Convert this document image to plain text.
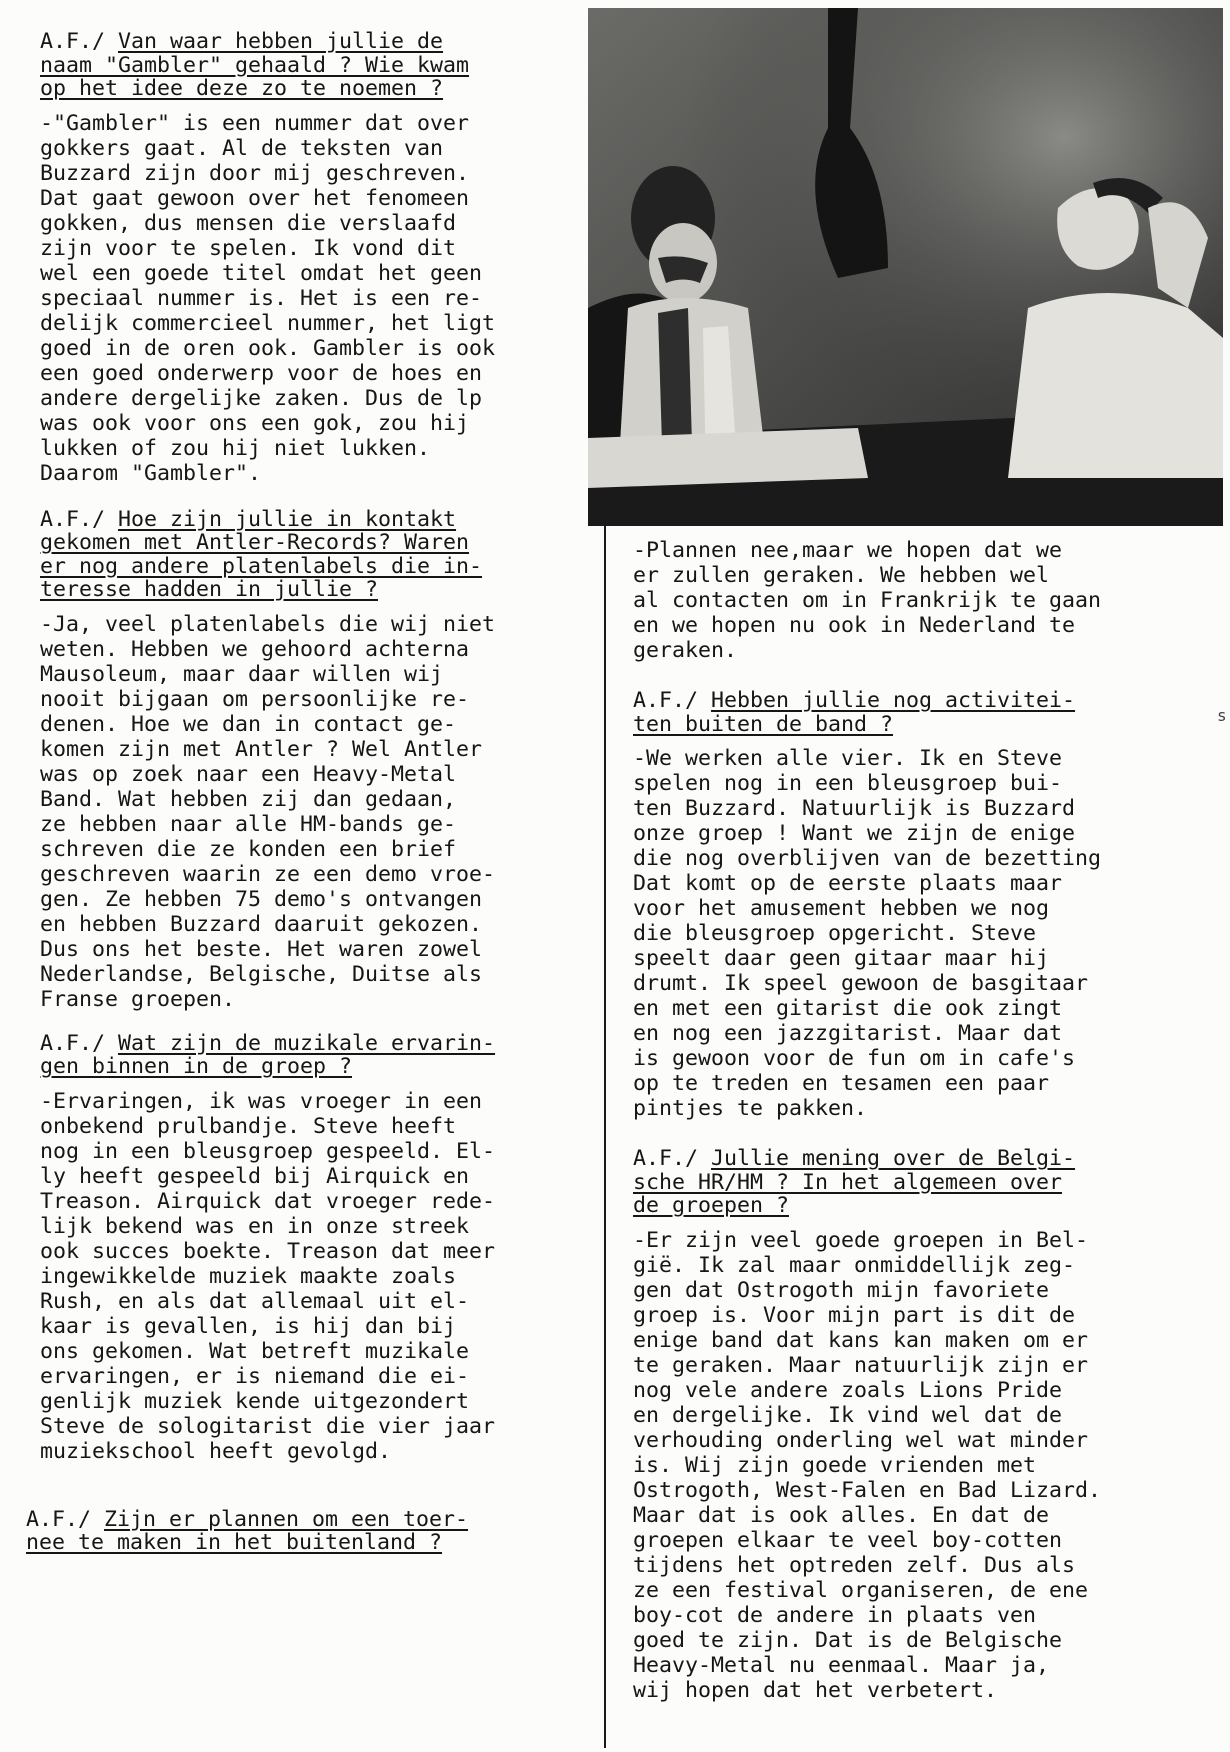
s
A.F./ Van waar hebben jullie de
naam "Gambler" gehaald ? Wie kwam
op het idee deze zo te noemen ?
-"Gambler" is een nummer dat over
gokkers gaat. Al de teksten van
Buzzard zijn door mij geschreven.
Dat gaat gewoon over het fenomeen
gokken, dus mensen die verslaafd
zijn voor te spelen. Ik vond dit
wel een goede titel omdat het geen
speciaal nummer is. Het is een re-
delijk commercieel nummer, het ligt
goed in de oren ook. Gambler is ook
een goed onderwerp voor de hoes en
andere dergelijke zaken. Dus de lp
was ook voor ons een gok, zou hij
lukken of zou hij niet lukken.
Daarom "Gambler".
A.F./ Hoe zijn jullie in kontakt
gekomen met Antler-Records? Waren
er nog andere platenlabels die in-
teresse hadden in jullie ?
-Ja, veel platenlabels die wij niet
weten. Hebben we gehoord achterna
Mausoleum, maar daar willen wij
nooit bijgaan om persoonlijke re-
denen. Hoe we dan in contact ge-
komen zijn met Antler ? Wel Antler
was op zoek naar een Heavy-Metal
Band. Wat hebben zij dan gedaan,
ze hebben naar alle HM-bands ge-
schreven die ze konden een brief
geschreven waarin ze een demo vroe-
gen. Ze hebben 75 demo's ontvangen
en hebben Buzzard daaruit gekozen.
Dus ons het beste. Het waren zowel
Nederlandse, Belgische, Duitse als
Franse groepen.
A.F./ Wat zijn de muzikale ervarin-
gen binnen in de groep ?
-Ervaringen, ik was vroeger in een
onbekend prulbandje. Steve heeft
nog in een bleusgroep gespeeld. El-
ly heeft gespeeld bij Airquick en
Treason. Airquick dat vroeger rede-
lijk bekend was en in onze streek
ook succes boekte. Treason dat meer
ingewikkelde muziek maakte zoals
Rush, en als dat allemaal uit el-
kaar is gevallen, is hij dan bij
ons gekomen. Wat betreft muzikale
ervaringen, er is niemand die ei-
genlijk muziek kende uitgezondert
Steve de sologitarist die vier jaar
muziekschool heeft gevolgd.
A.F./ Zijn er plannen om een toer-
nee te maken in het buitenland ?
-Plannen nee,maar we hopen dat we
er zullen geraken. We hebben wel
al contacten om in Frankrijk te gaan
en we hopen nu ook in Nederland te
geraken.
A.F./ Hebben jullie nog activitei-
ten buiten de band ?
-We werken alle vier. Ik en Steve
spelen nog in een bleusgroep bui-
ten Buzzard. Natuurlijk is Buzzard
onze groep ! Want we zijn de enige
die nog overblijven van de bezetting
Dat komt op de eerste plaats maar
voor het amusement hebben we nog
die bleusgroep opgericht. Steve
speelt daar geen gitaar maar hij
drumt. Ik speel gewoon de basgitaar
en met een gitarist die ook zingt
en nog een jazzgitarist. Maar dat
is gewoon voor de fun om in cafe's
op te treden en tesamen een paar
pintjes te pakken.
A.F./ Jullie mening over de Belgi-
sche HR/HM ? In het algemeen over
de groepen ?
-Er zijn veel goede groepen in Bel-
gië. Ik zal maar onmiddellijk zeg-
gen dat Ostrogoth mijn favoriete
groep is. Voor mijn part is dit de
enige band dat kans kan maken om er
te geraken. Maar natuurlijk zijn er
nog vele andere zoals Lions Pride
en dergelijke. Ik vind wel dat de
verhouding onderling wel wat minder
is. Wij zijn goede vrienden met
Ostrogoth, West-Falen en Bad Lizard.
Maar dat is ook alles. En dat de
groepen elkaar te veel boy-cotten
tijdens het optreden zelf. Dus als
ze een festival organiseren, de ene
boy-cot de andere in plaats ven
goed te zijn. Dat is de Belgische
Heavy-Metal nu eenmaal. Maar ja,
wij hopen dat het verbetert.
